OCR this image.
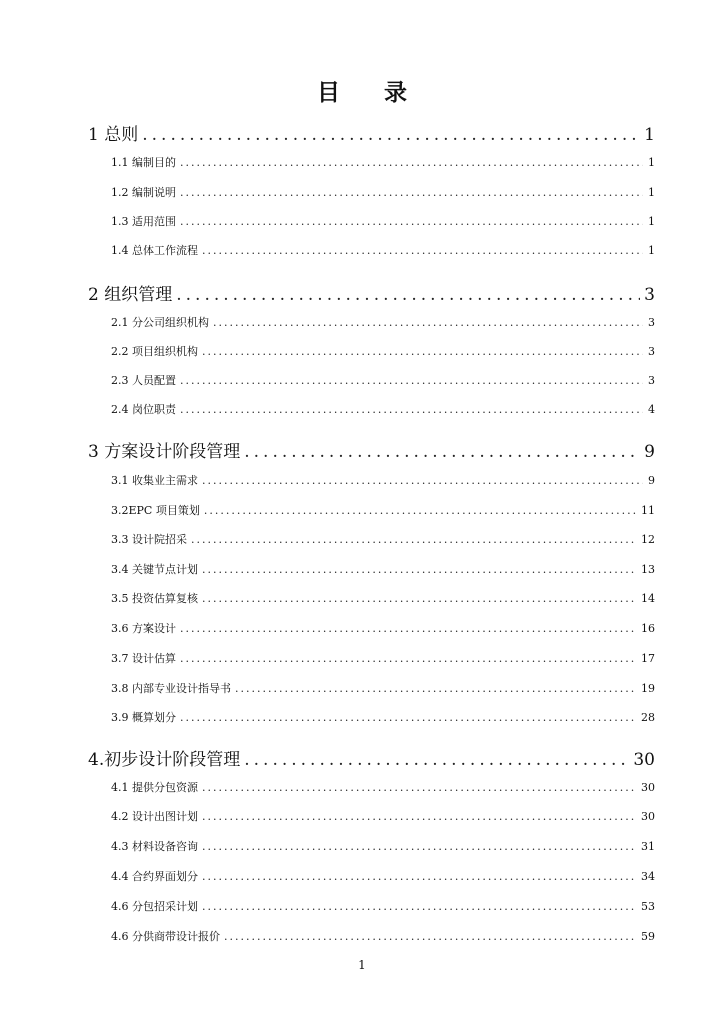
目 录
1 总则 .....	1
1.1 编制目的 .....	1
1.2 编制说明 .....	1
1.3 适用范围 .....	1
1.4 总体工作流程 .....	1
2 组织管理 .....	3
2.1 分公司组织机构 .....	3
2.2 项目组织机构 .....	3
2.3 人员配置 .....	3
2.4 岗位职责 .....	4
3 方案设计阶段管理 .....	9
3.1 收集业主需求 .....	9
3.2EPC 项目策划 .....	11
3.3 设计院招采 .....	12
3.4 关键节点计划 .....	13
3.5 投资估算复核 .....	14
3.6 方案设计 .....	16
3.7 设计估算 .....	17
3.8 内部专业设计指导书 .....	19
3.9 概算划分 .....	28
4.初步设计阶段管理 .....	30
4.1 提供分包资源 .....	30
4.2 设计出图计划 .....	30
4.3 材料设备咨询 .....	31
4.4 合约界面划分 .....	34
4.6 分包招采计划 .....	53
4.6 分供商带设计报价 .....	59
1
